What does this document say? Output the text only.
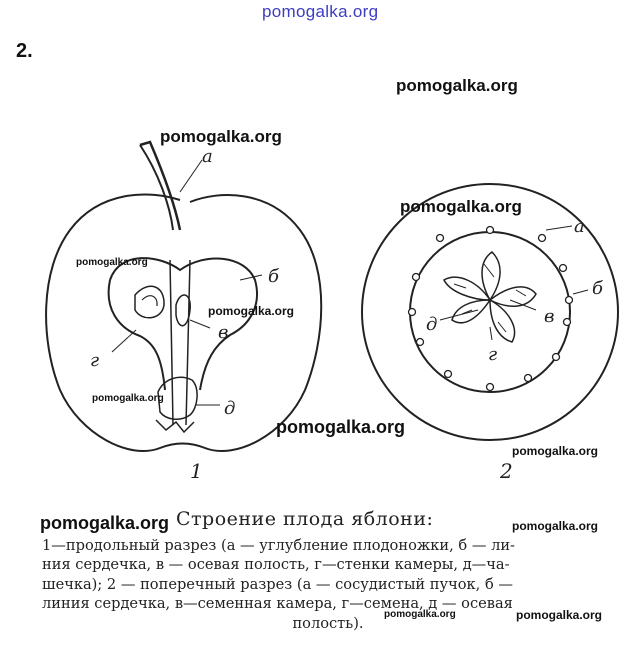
pomogalka.org
2.
pomogalka.org
а
б
в
г
д
1
а
б
в
г
д
2
pomogalka.org
pomogalka.org
pomogalka.org
pomogalka.org
pomogalka.org
pomogalka.org
pomogalka.org
Строение плода яблони:
1—продольный разрез (а — углубление плодоножки, б — ли-
ния сердечка, в — осевая полость, г—стенки камеры, д—ча-
шечка); 2 — поперечный разрез (а — сосудистый пучок, б —
линия сердечка, в—семенная камера, г—семена, д — осевая
полость).
pomogalka.org	pomogalka.org
pomogalka.org	pomogalka.org
